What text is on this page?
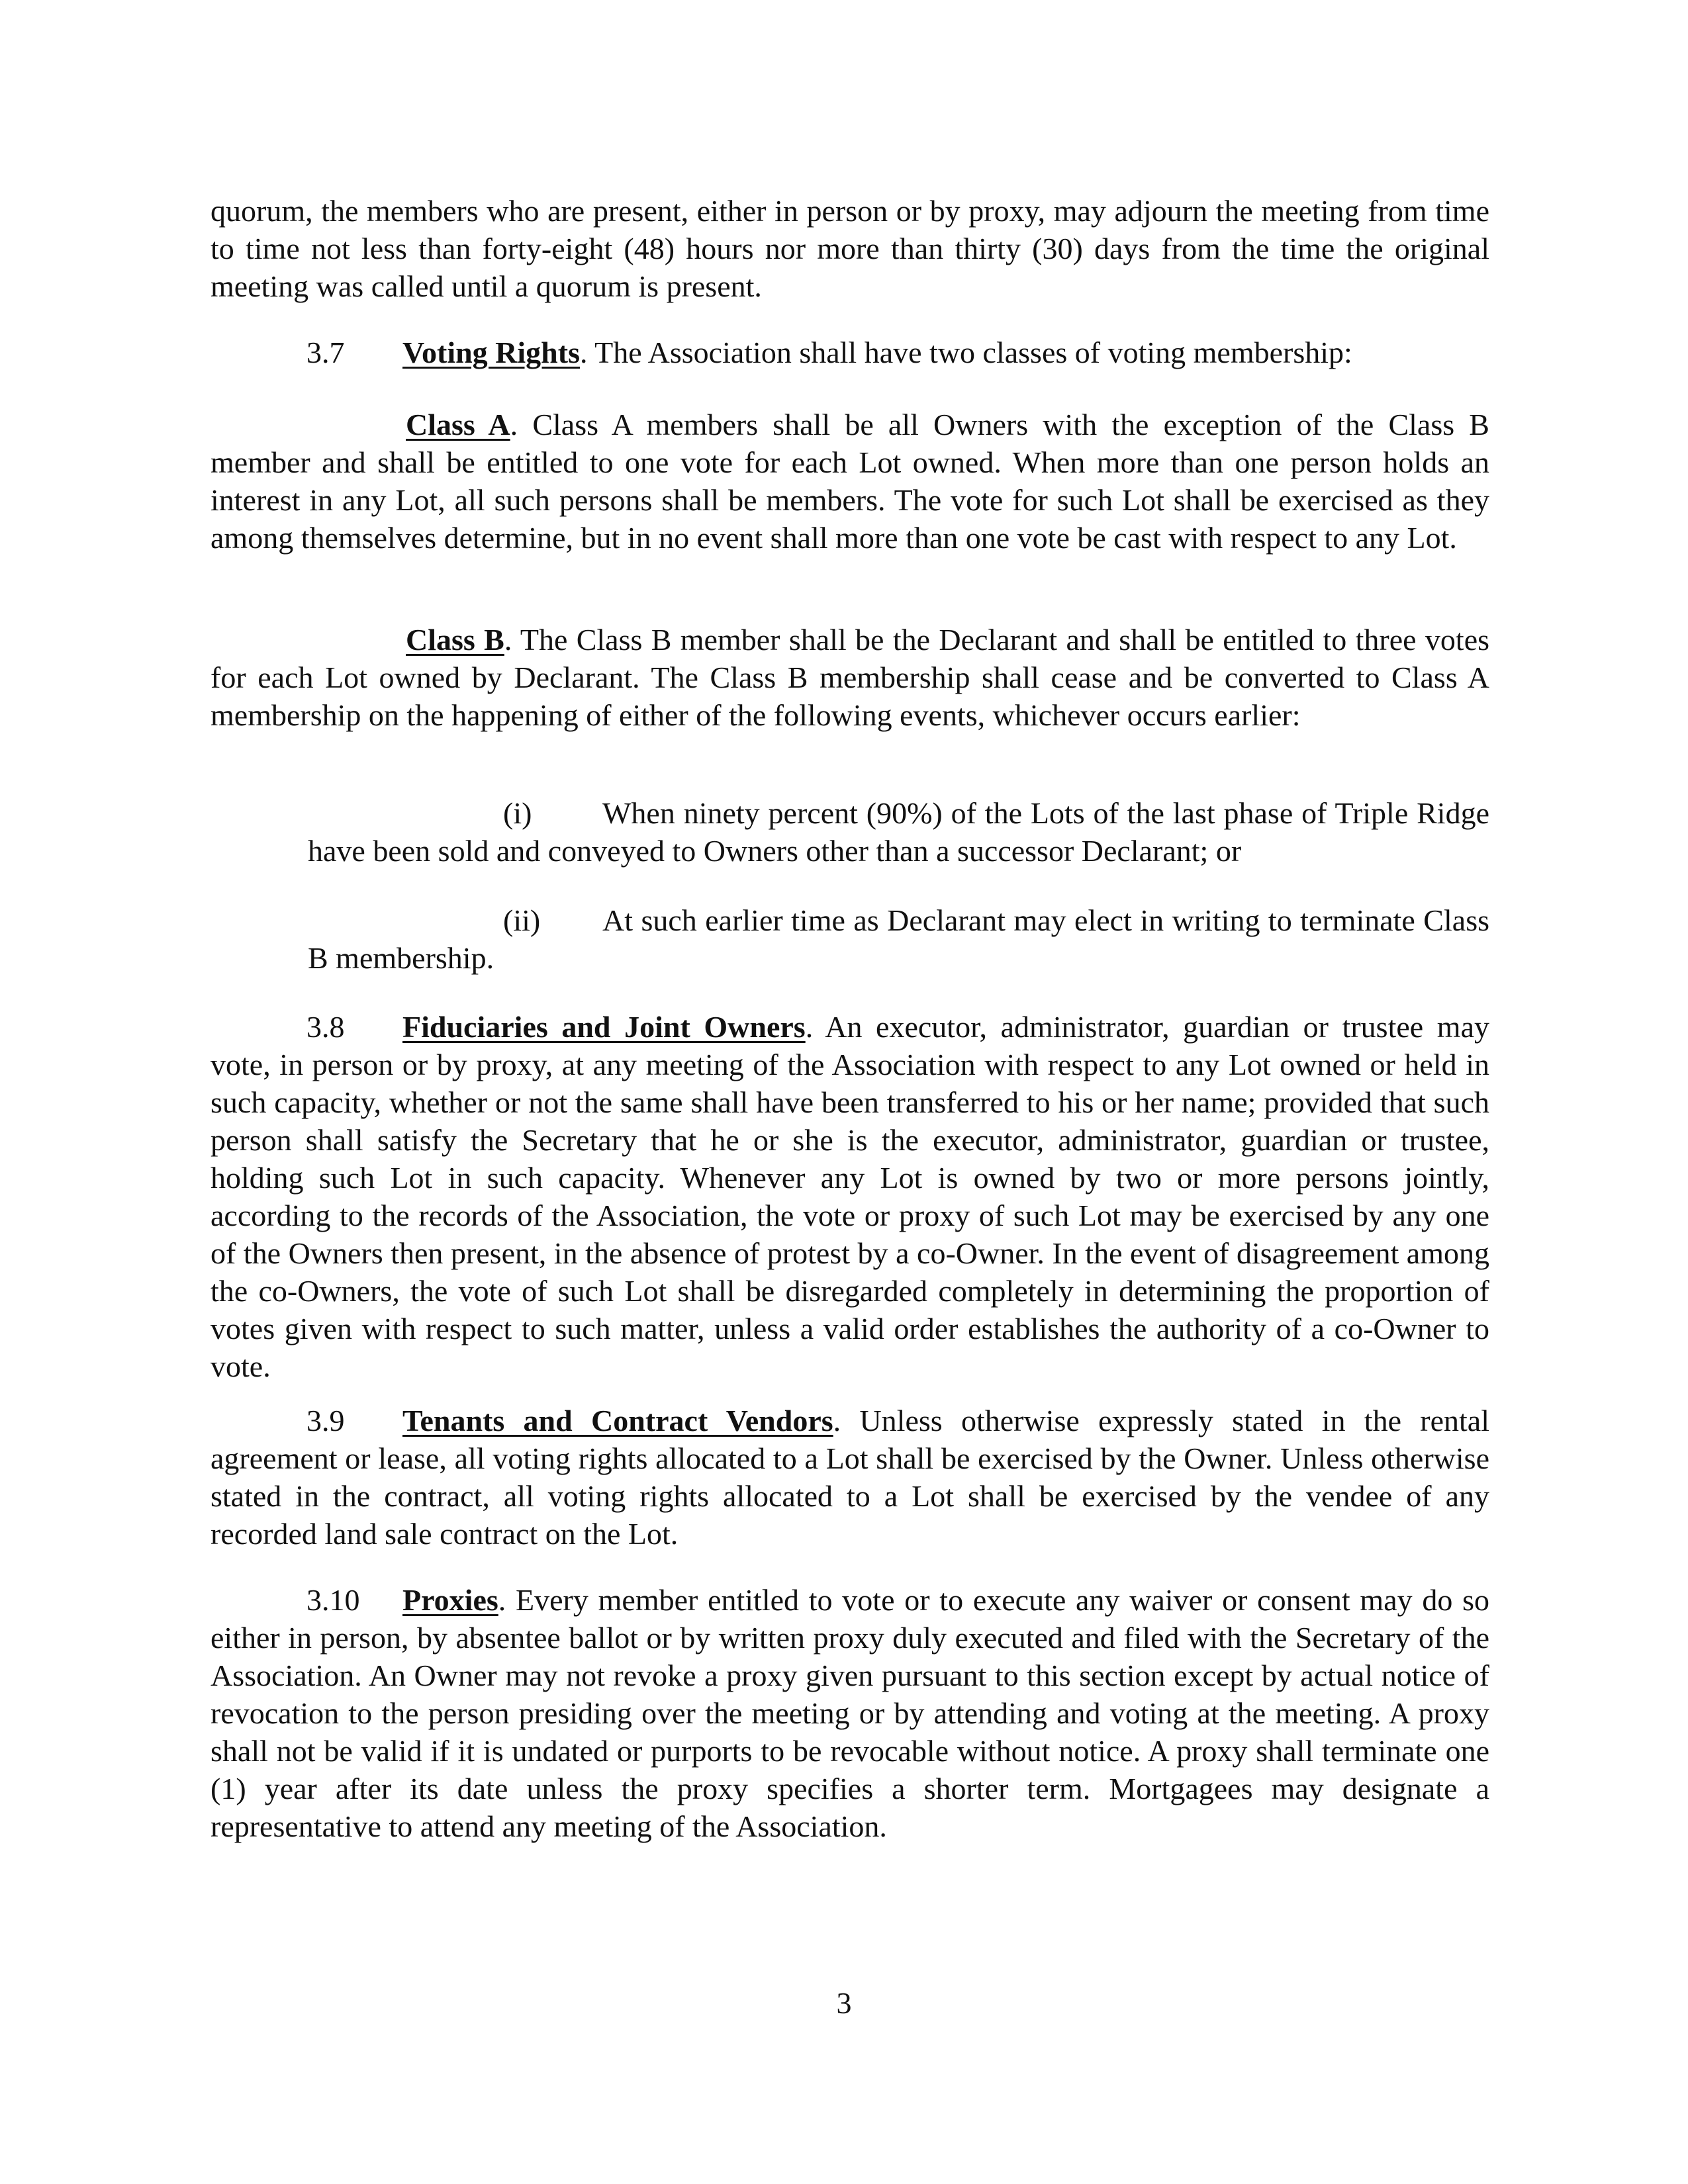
quorum, the members who are present, either in person or by proxy, may adjourn the meeting from time to time not less than forty-eight (48) hours nor more than thirty (30) days from the time the original meeting was called until a quorum is present.

3.7 Voting Rights. The Association shall have two classes of voting membership:

Class A. Class A members shall be all Owners with the exception of the Class B member and shall be entitled to one vote for each Lot owned. When more than one person holds an interest in any Lot, all such persons shall be members. The vote for such Lot shall be exercised as they among themselves determine, but in no event shall more than one vote be cast with respect to any Lot.

Class B. The Class B member shall be the Declarant and shall be entitled to three votes for each Lot owned by Declarant. The Class B membership shall cease and be converted to Class A membership on the happening of either of the following events, whichever occurs earlier:

(i) When ninety percent (90%) of the Lots of the last phase of Triple Ridge have been sold and conveyed to Owners other than a successor Declarant; or

(ii) At such earlier time as Declarant may elect in writing to terminate Class B membership.

3.8 Fiduciaries and Joint Owners. An executor, administrator, guardian or trustee may vote, in person or by proxy, at any meeting of the Association with respect to any Lot owned or held in such capacity, whether or not the same shall have been transferred to his or her name; provided that such person shall satisfy the Secretary that he or she is the executor, administrator, guardian or trustee, holding such Lot in such capacity. Whenever any Lot is owned by two or more persons jointly, according to the records of the Association, the vote or proxy of such Lot may be exercised by any one of the Owners then present, in the absence of protest by a co-Owner. In the event of disagreement among the co-Owners, the vote of such Lot shall be disregarded completely in determining the proportion of votes given with respect to such matter, unless a valid order establishes the authority of a co-Owner to vote.

3.9 Tenants and Contract Vendors. Unless otherwise expressly stated in the rental agreement or lease, all voting rights allocated to a Lot shall be exercised by the Owner. Unless otherwise stated in the contract, all voting rights allocated to a Lot shall be exercised by the vendee of any recorded land sale contract on the Lot.

3.10 Proxies. Every member entitled to vote or to execute any waiver or consent may do so either in person, by absentee ballot or by written proxy duly executed and filed with the Secretary of the Association. An Owner may not revoke a proxy given pursuant to this section except by actual notice of revocation to the person presiding over the meeting or by attending and voting at the meeting. A proxy shall not be valid if it is undated or purports to be revocable without notice. A proxy shall terminate one (1) year after its date unless the proxy specifies a shorter term. Mortgagees may designate a representative to attend any meeting of the Association.

3
